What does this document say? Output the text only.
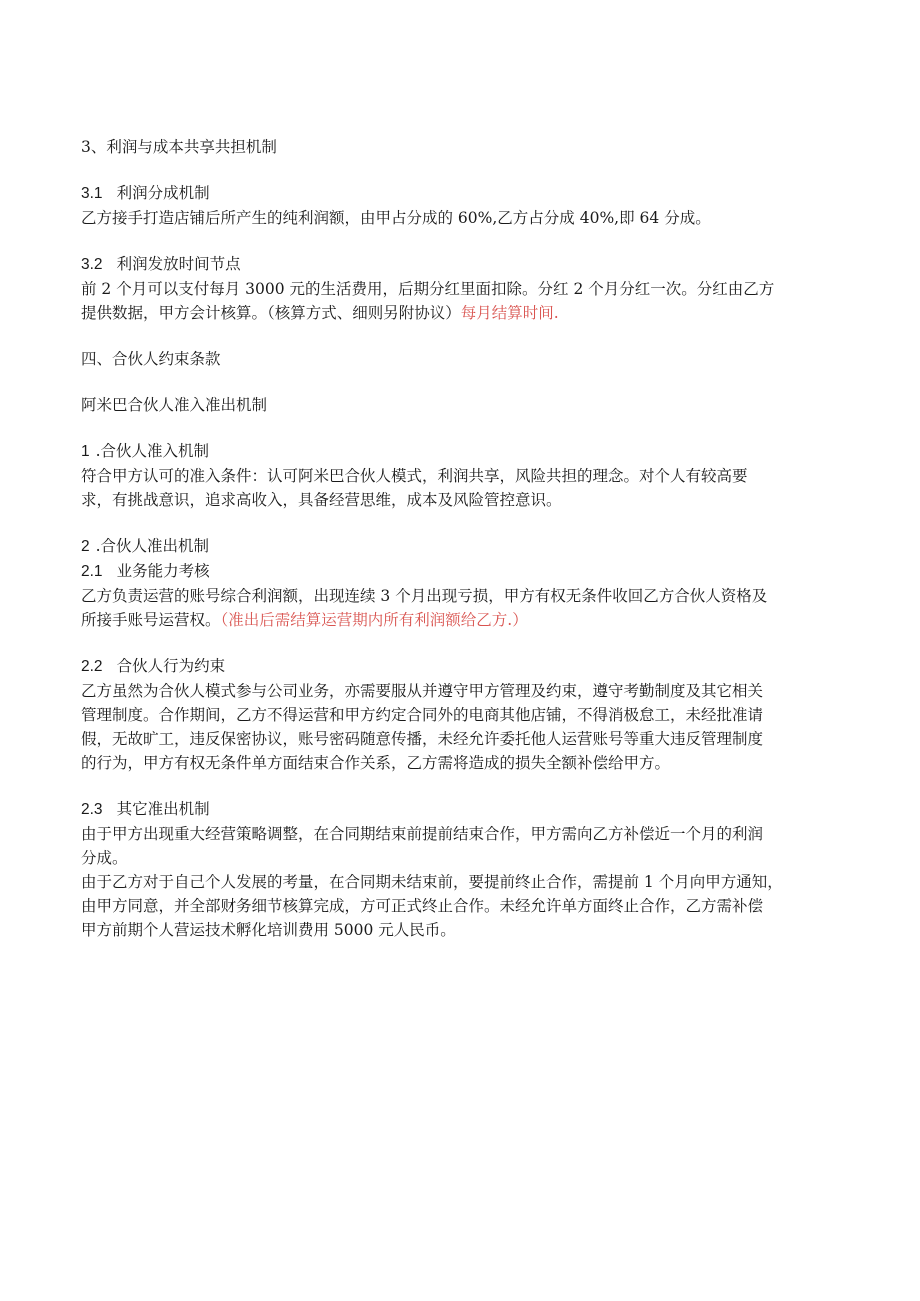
3、利润与成本共享共担机制
3.1 利润分成机制
乙方接手打造店铺后所产生的纯利润额，由甲占分成的 60%,乙方占分成 40%,即 64 分成。
3.2 利润发放时间节点
前 2 个月可以支付每月 3000 元的生活费用，后期分红里面扣除。分红 2 个月分红一次。分红由乙方
提供数据，甲方会计核算。（核算方式、细则另附协议）每月结算时间.
四、合伙人约束条款
阿米巴合伙人准入准出机制
1 .合伙人准入机制
符合甲方认可的准入条件：认可阿米巴合伙人模式，利润共享，风险共担的理念。对个人有较高要
求，有挑战意识，追求高收入，具备经营思维，成本及风险管控意识。
2 .合伙人准出机制
2.1 业务能力考核
乙方负责运营的账号综合利润额，出现连续 3 个月出现亏损，甲方有权无条件收回乙方合伙人资格及
所接手账号运营权。（准出后需结算运营期内所有利润额给乙方.）
2.2 合伙人行为约束
乙方虽然为合伙人模式参与公司业务，亦需要服从并遵守甲方管理及约束，遵守考勤制度及其它相关
管理制度。合作期间，乙方不得运营和甲方约定合同外的电商其他店铺，不得消极怠工，未经批准请
假，无故旷工，违反保密协议，账号密码随意传播，未经允许委托他人运营账号等重大违反管理制度
的行为，甲方有权无条件单方面结束合作关系，乙方需将造成的损失全额补偿给甲方。
2.3 其它准出机制
由于甲方出现重大经营策略调整，在合同期结束前提前结束合作，甲方需向乙方补偿近一个月的利润
分成。
由于乙方对于自己个人发展的考量，在合同期未结束前，要提前终止合作，需提前 1 个月向甲方通知，
由甲方同意，并全部财务细节核算完成，方可正式终止合作。未经允许单方面终止合作，乙方需补偿
甲方前期个人营运技术孵化培训费用 5000 元人民币。
